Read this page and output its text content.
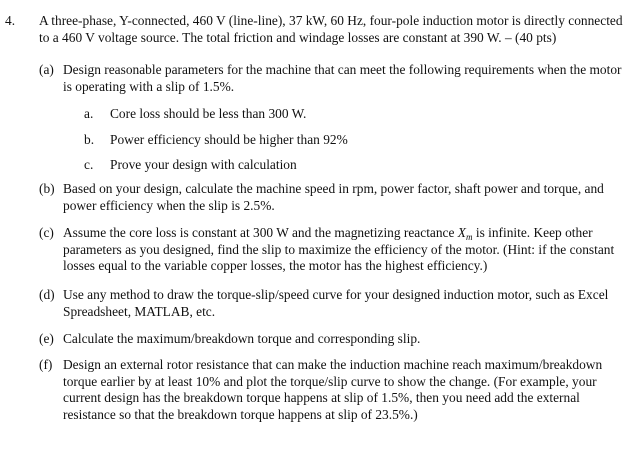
4. A three-phase, Y-connected, 460 V (line-line), 37 kW, 60 Hz, four-pole induction motor is directly connected to a 460 V voltage source. The total friction and windage losses are constant at 390 W. – (40 pts)
(a) Design reasonable parameters for the machine that can meet the following requirements when the motor is operating with a slip of 1.5%.
a.	Core loss should be less than 300 W.
b.	Power efficiency should be higher than 92%
c.	Prove your design with calculation
(b) Based on your design, calculate the machine speed in rpm, power factor, shaft power and torque, and power efficiency when the slip is 2.5%.
(c) Assume the core loss is constant at 300 W and the magnetizing reactance $X_m$ is infinite. Keep other parameters as you designed, find the slip to maximize the efficiency of the motor. (Hint: if the constant losses equal to the variable copper losses, the motor has the highest efficiency.)
(d) Use any method to draw the torque-slip/speed curve for your designed induction motor, such as Excel Spreadsheet, MATLAB, etc.
(e) Calculate the maximum/breakdown torque and corresponding slip.
(f) Design an external rotor resistance that can make the induction machine reach maximum/breakdown torque earlier by at least 10% and plot the torque/slip curve to show the change. (For example, your current design has the breakdown torque happens at slip of 1.5%, then you need add the external resistance so that the breakdown torque happens at slip of 23.5%.)
